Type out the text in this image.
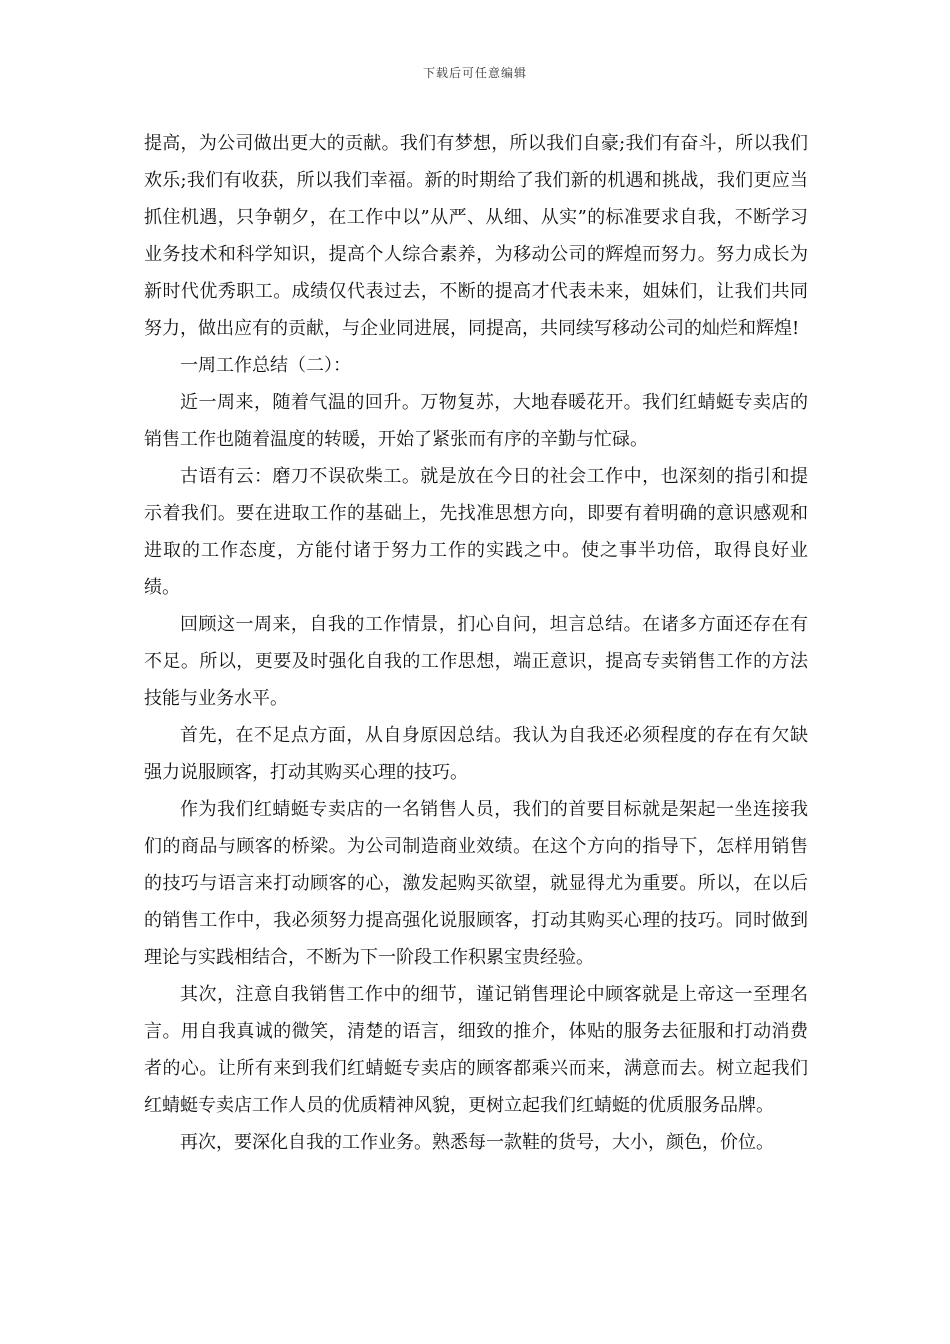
下载后可任意编辑

提高，为公司做出更大的贡献。我们有梦想，所以我们自豪;我们有奋斗，所以我们欢乐;我们有收获，所以我们幸福。新的时期给了我们新的机遇和挑战，我们更应当抓住机遇，只争朝夕，在工作中以”从严、从细、从实”的标准要求自我，不断学习业务技术和科学知识，提高个人综合素养，为移动公司的辉煌而努力。努力成长为新时代优秀职工。成绩仅代表过去，不断的提高才代表未来，姐妹们，让我们共同努力，做出应有的贡献，与企业同进展，同提高，共同续写移动公司的灿烂和辉煌!

一周工作总结（二）：

近一周来，随着气温的回升。万物复苏，大地春暖花开。我们红蜻蜓专卖店的销售工作也随着温度的转暖，开始了紧张而有序的辛勤与忙碌。

古语有云：磨刀不误砍柴工。就是放在今日的社会工作中，也深刻的指引和提示着我们。要在进取工作的基础上，先找准思想方向，即要有着明确的意识感观和进取的工作态度，方能付诸于努力工作的实践之中。使之事半功倍，取得良好业绩。

回顾这一周来，自我的工作情景，扪心自问，坦言总结。在诸多方面还存在有不足。所以，更要及时强化自我的工作思想，端正意识，提高专卖销售工作的方法技能与业务水平。

首先，在不足点方面，从自身原因总结。我认为自我还必须程度的存在有欠缺强力说服顾客，打动其购买心理的技巧。

作为我们红蜻蜓专卖店的一名销售人员，我们的首要目标就是架起一坐连接我们的商品与顾客的桥梁。为公司制造商业效绩。在这个方向的指导下，怎样用销售的技巧与语言来打动顾客的心，激发起购买欲望，就显得尤为重要。所以，在以后的销售工作中，我必须努力提高强化说服顾客，打动其购买心理的技巧。同时做到理论与实践相结合，不断为下一阶段工作积累宝贵经验。

其次，注意自我销售工作中的细节，谨记销售理论中顾客就是上帝这一至理名言。用自我真诚的微笑，清楚的语言，细致的推介，体贴的服务去征服和打动消费者的心。让所有来到我们红蜻蜓专卖店的顾客都乘兴而来，满意而去。树立起我们红蜻蜓专卖店工作人员的优质精神风貌，更树立起我们红蜻蜓的优质服务品牌。

再次，要深化自我的工作业务。熟悉每一款鞋的货号，大小，颜色，价位。
